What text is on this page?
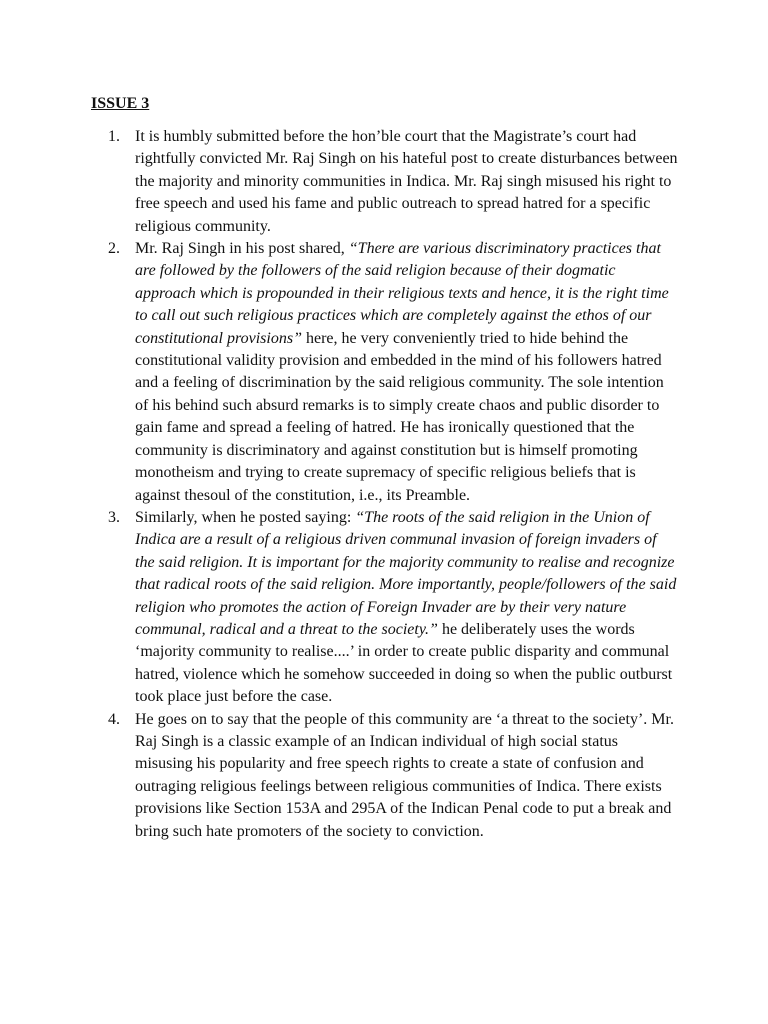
ISSUE 3
1. It is humbly submitted before the hon’ble court that the Magistrate’s court had rightfully convicted Mr. Raj Singh on his hateful post to create disturbances between the majority and minority communities in Indica. Mr. Raj singh misused his right to free speech and used his fame and public outreach to spread hatred for a specific religious community.
2. Mr. Raj Singh in his post shared, “There are various discriminatory practices that are followed by the followers of the said religion because of their dogmatic approach which is propounded in their religious texts and hence, it is the right time to call out such religious practices which are completely against the ethos of our constitutional provisions” here, he very conveniently tried to hide behind the constitutional validity provision and embedded in the mind of his followers hatred and a feeling of discrimination by the said religious community. The sole intention of his behind such absurd remarks is to simply create chaos and public disorder to gain fame and spread a feeling of hatred. He has ironically questioned that the community is discriminatory and against constitution but is himself promoting monotheism and trying to create supremacy of specific religious beliefs that is against thesoul of the constitution, i.e., its Preamble.
3. Similarly, when he posted saying: “The roots of the said religion in the Union of Indica are a result of a religious driven communal invasion of foreign invaders of the said religion. It is important for the majority community to realise and recognize that radical roots of the said religion. More importantly, people/followers of the said religion who promotes the action of Foreign Invader are by their very nature communal, radical and a threat to the society.” he deliberately uses the words ‘majority community to realise....’ in order to create public disparity and communal hatred, violence which he somehow succeeded in doing so when the public outburst took place just before the case.
4. He goes on to say that the people of this community are ‘a threat to the society’. Mr. Raj Singh is a classic example of an Indican individual of high social status misusing his popularity and free speech rights to create a state of confusion and outraging religious feelings between religious communities of Indica. There exists provisions like Section 153A and 295A of the Indican Penal code to put a break and bring such hate promoters of the society to conviction.
